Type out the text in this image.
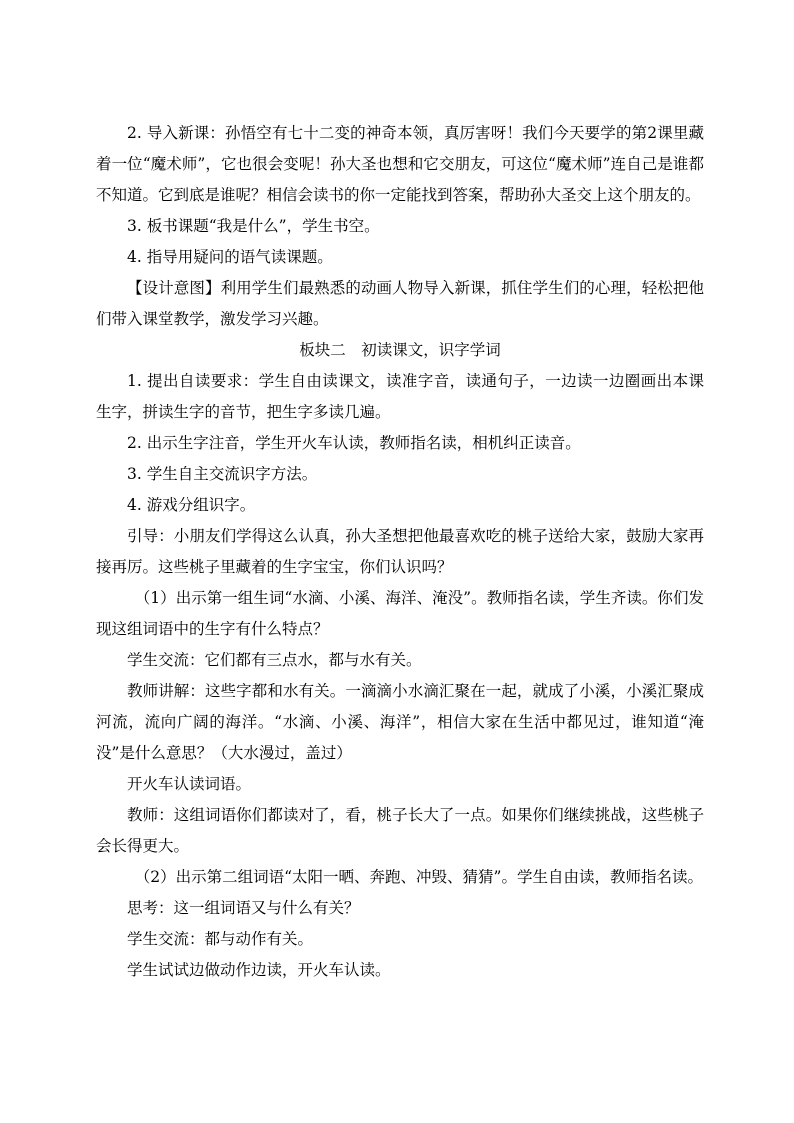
2. 导入新课：孙悟空有七十二变的神奇本领，真厉害呀！我们今天要学的第2课里藏着一位“魔术师”，它也很会变呢！孙大圣也想和它交朋友，可这位“魔术师”连自己是谁都不知道。它到底是谁呢？相信会读书的你一定能找到答案，帮助孙大圣交上这个朋友的。

3. 板书课题“我是什么”，学生书空。

4. 指导用疑问的语气读课题。

【设计意图】利用学生们最熟悉的动画人物导入新课，抓住学生们的心理，轻松把他们带入课堂教学，激发学习兴趣。

板块二　初读课文，识字学词

1. 提出自读要求：学生自由读课文，读准字音，读通句子，一边读一边圈画出本课生字，拼读生字的音节，把生字多读几遍。

2. 出示生字注音，学生开火车认读，教师指名读，相机纠正读音。

3. 学生自主交流识字方法。

4. 游戏分组识字。

引导：小朋友们学得这么认真，孙大圣想把他最喜欢吃的桃子送给大家，鼓励大家再接再厉。这些桃子里藏着的生字宝宝，你们认识吗？

（1）出示第一组生词“水滴、小溪、海洋、淹没”。教师指名读，学生齐读。你们发现这组词语中的生字有什么特点？

学生交流：它们都有三点水，都与水有关。

教师讲解：这些字都和水有关。一滴滴小水滴汇聚在一起，就成了小溪，小溪汇聚成河流，流向广阔的海洋。“水滴、小溪、海洋”，相信大家在生活中都见过，谁知道“淹没”是什么意思？（大水漫过，盖过）

开火车认读词语。

教师：这组词语你们都读对了，看，桃子长大了一点。如果你们继续挑战，这些桃子会长得更大。

（2）出示第二组词语“太阳一晒、奔跑、冲毁、猜猜”。学生自由读，教师指名读。

思考：这一组词语又与什么有关？

学生交流：都与动作有关。

学生试试边做动作边读，开火车认读。
